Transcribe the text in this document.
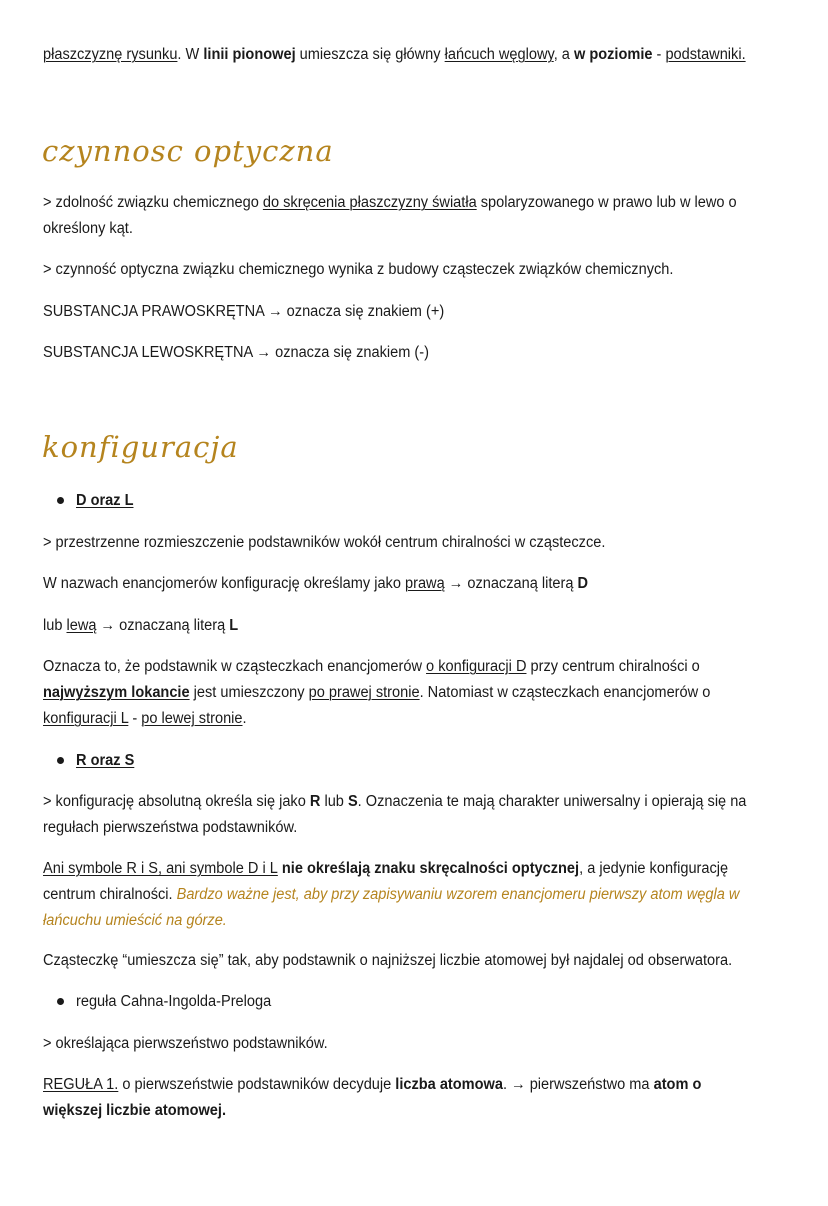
płaszczyznę rysunku. W linii pionowej umieszcza się główny łańcuch węglowy, a w poziomie - podstawniki.
czynnosc optyczna
> zdolność związku chemicznego do skręcenia płaszczyzny światła spolaryzowanego w prawo lub w lewo o określony kąt.
> czynność optyczna związku chemicznego wynika z budowy cząsteczek związków chemicznych.
SUBSTANCJA PRAWOSKRĘTNA → oznacza się znakiem (+)
SUBSTANCJA LEWOSKRĘTNA → oznacza się znakiem (-)
konfiguracja
D oraz L
> przestrzenne rozmieszczenie podstawników wokół centrum chiralności w cząsteczce.
W nazwach enancjomerów konfigurację określamy jako prawą → oznaczaną literą D
lub lewą → oznaczaną literą L
Oznacza to, że podstawnik w cząsteczkach enancjomerów o konfiguracji D przy centrum chiralności o najwyższym lokancie jest umieszczony po prawej stronie. Natomiast w cząsteczkach enancjomerów o konfiguracji L - po lewej stronie.
R oraz S
> konfigurację absolutną określa się jako R lub S. Oznaczenia te mają charakter uniwersalny i opierają się na regułach pierwszeństwa podstawników.
Ani symbole R i S, ani symbole D i L nie określają znaku skręcalności optycznej, a jedynie konfigurację centrum chiralności. Bardzo ważne jest, aby przy zapisywaniu wzorem enancjomeru pierwszy atom węgla w łańcuchu umieścić na górze.
Cząsteczkę “umieszcza się” tak, aby podstawnik o najniższej liczbie atomowej był najdalej od obserwatora.
reguła Cahna-Ingolda-Preloga
> określająca pierwszeństwo podstawników.
REGUŁA 1. o pierwszeństwie podstawników decyduje liczba atomowa. → pierwszeństwo ma atom o większej liczbie atomowej.
